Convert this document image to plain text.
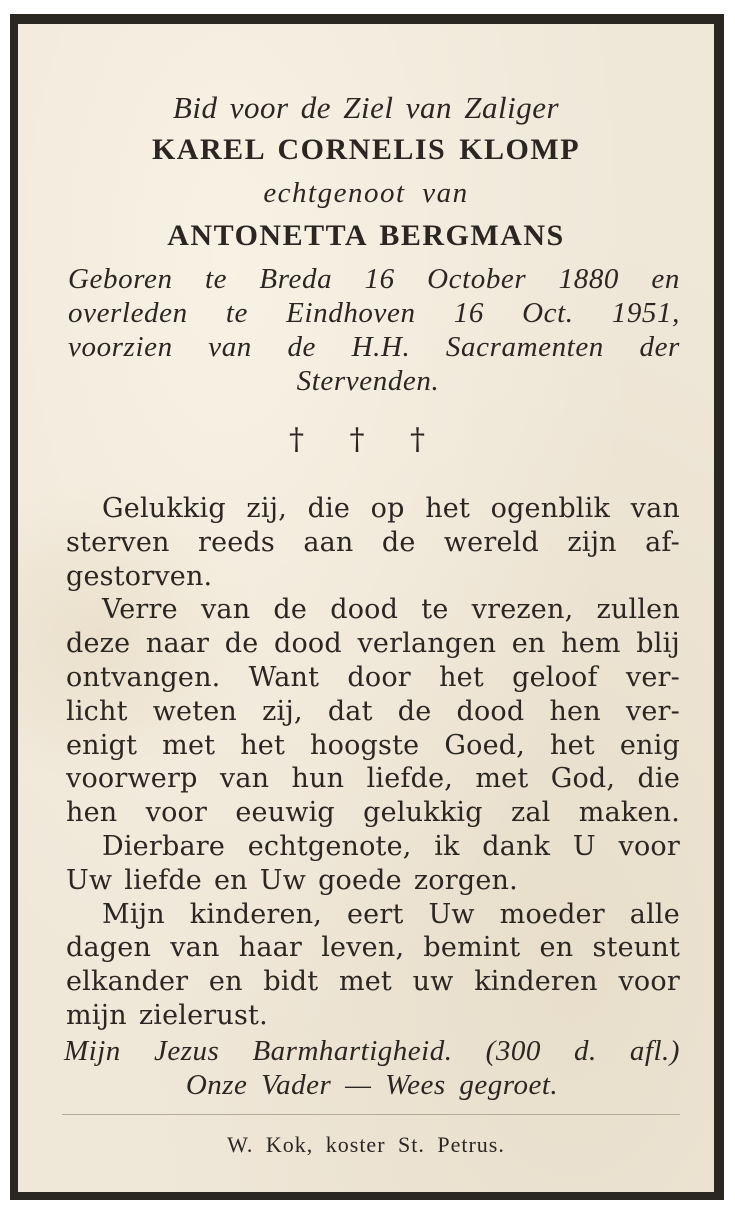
Bid voor de Ziel van Zaliger

KAREL CORNELIS KLOMP

echtgenoot van

ANTONETTA BERGMANS

Geboren te Breda 16 October 1880 en
overleden te Eindhoven 16 Oct. 1951,
voorzien van de H.H. Sacramenten der
Stervenden.
† † †
Gelukkig zij, die op het ogenblik van
sterven reeds aan de wereld zijn af-
gestorven.
Verre van de dood te vrezen, zullen
deze naar de dood verlangen en hem blij
ontvangen. Want door het geloof ver-
licht weten zij, dat de dood hen ver-
enigt met het hoogste Goed, het enig
voorwerp van hun liefde, met God, die
hen voor eeuwig gelukkig zal maken.
Dierbare echtgenote, ik dank U voor
Uw liefde en Uw goede zorgen.
Mijn kinderen, eert Uw moeder alle
dagen van haar leven, bemint en steunt
elkander en bidt met uw kinderen voor
mijn zielerust.
Mijn Jezus Barmhartigheid. (300 d. afl.)
Onze Vader — Wees gegroet.
W. Kok, koster St. Petrus.
